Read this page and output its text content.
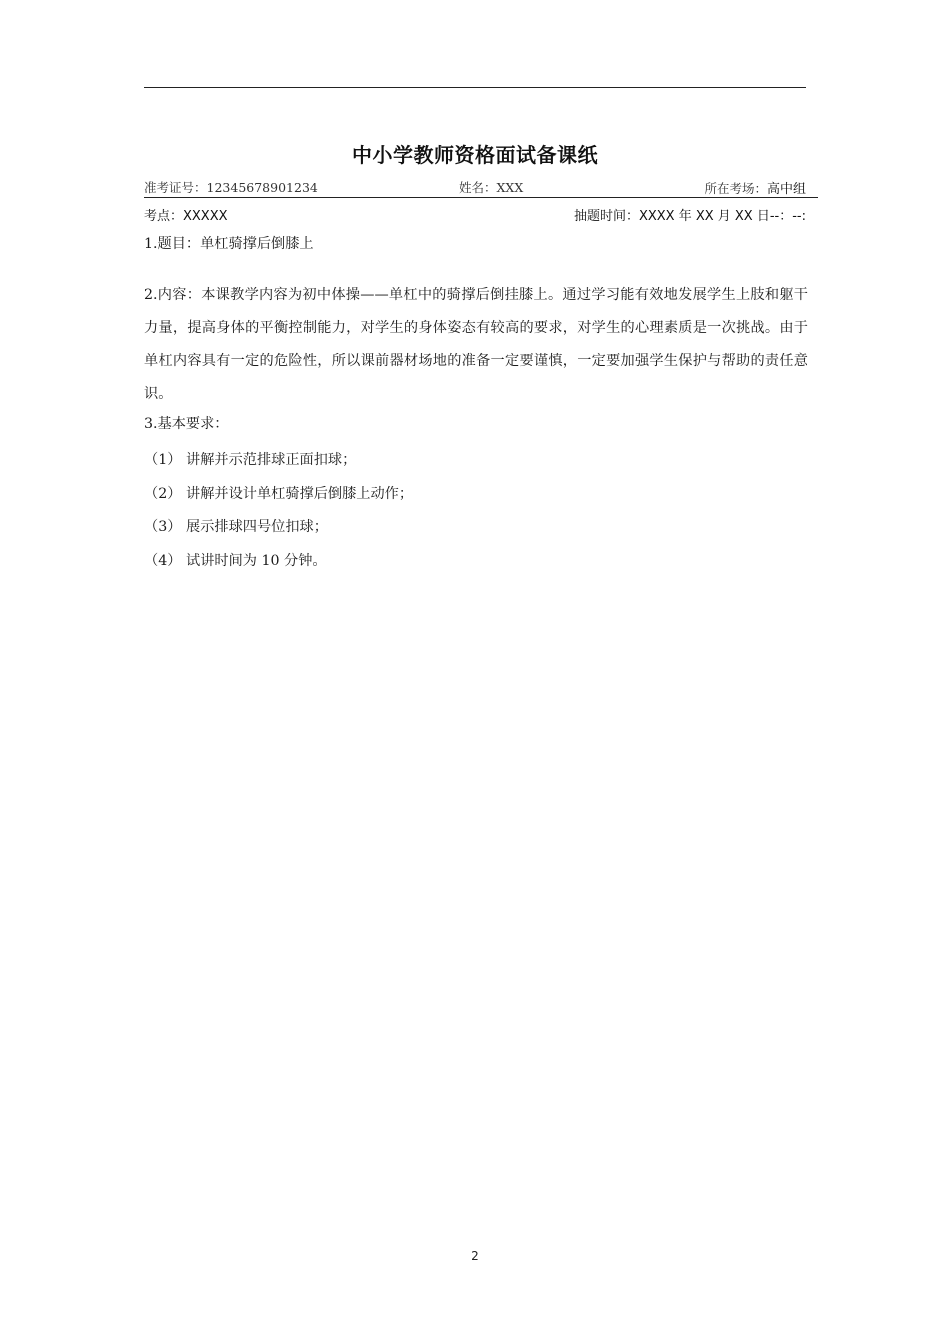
中小学教师资格面试备课纸
准考证号：12345678901234	姓名：XXX	所在考场：高中组
考点：XXXXX	抽题时间：XXXX 年 XX 月 XX 日--：--:
1.题目：单杠骑撑后倒膝上
2.内容：本课教学内容为初中体操——单杠中的骑撑后倒挂膝上。通过学习能有效地发展学生上肢和躯干力量，提高身体的平衡控制能力，对学生的身体姿态有较高的要求，对学生的心理素质是一次挑战。由于单杠内容具有一定的危险性，所以课前器材场地的准备一定要谨慎，一定要加强学生保护与帮助的责任意识。
3.基本要求：
（1） 讲解并示范排球正面扣球；
（2） 讲解并设计单杠骑撑后倒膝上动作；
（3） 展示排球四号位扣球；
（4） 试讲时间为 10 分钟。
2
